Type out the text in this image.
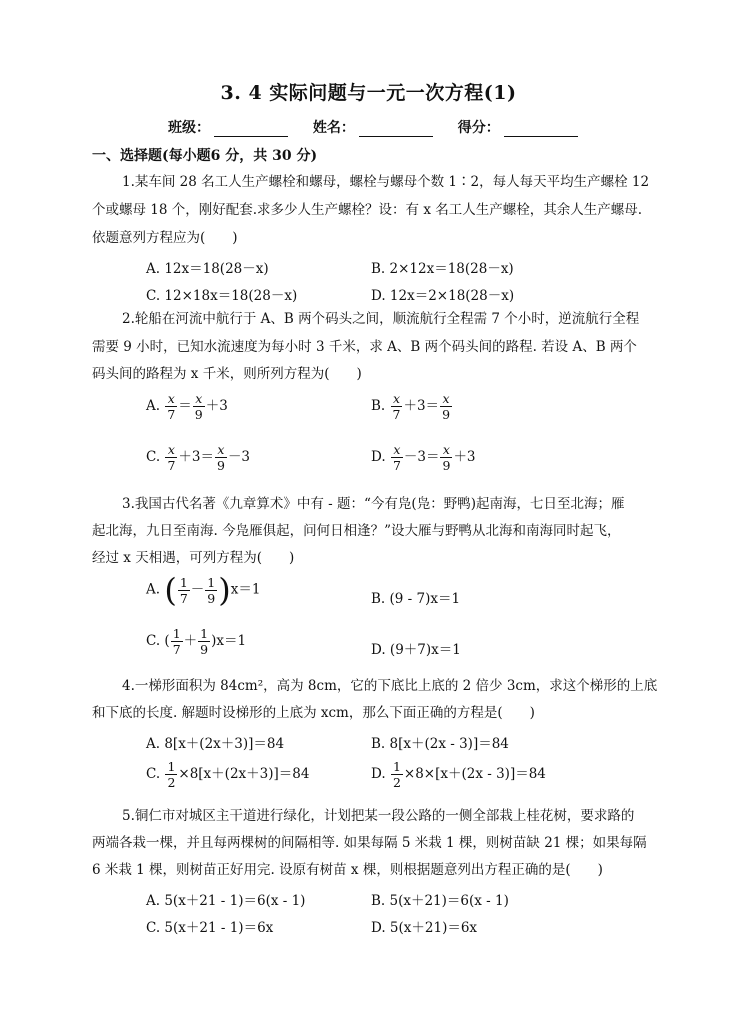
3. 4 实际问题与一元一次方程(1)
班级：	姓名：	得分：
一、选择题(每小题6 分，共 30 分)
1.某车间 28 名工人生产螺栓和螺母，螺栓与螺母个数 1∶2，每人每天平均生产螺栓 12
个或螺母 18 个，刚好配套.求多少人生产螺栓？设：有 x 名工人生产螺栓，其余人生产螺母.
依题意列方程应为(　　)
A. 12x＝18(28－x)	B. 2×12x＝18(28－x)
C. 12×18x＝18(28－x)	D. 12x＝2×18(28－x)
2.轮船在河流中航行于 A、B 两个码头之间，顺流航行全程需 7 个小时，逆流航行全程
需要 9 小时，已知水流速度为每小时 3 千米，求 A、B 两个码头间的路程. 若设 A、B 两个
码头间的路程为 x 千米，则所列方程为(　　)
A. $\frac{x}{7} = \frac{x}{9} +3$	B. $\frac{x}{7} +3= \frac{x}{9}$
C. $\frac{x}{7} +3= \frac{x}{9} -3$	D. $\frac{x}{7} -3= \frac{x}{9} +3$
3.我国古代名著《九章算术》中有 - 题：“今有凫(凫：野鸭)起南海，七日至北海；雁
起北海，九日至南海. 今凫雁俱起，问何日相逢？”设大雁与野鸭从北海和南海同时起飞，
经过 x 天相遇，可列方程为(　　)
A. ( $\frac{1}{7} - \frac{1}{9} )x=1$
B. (9 - 7)x＝1
C. ( $\frac{1}{7} + \frac{1}{9} )x=1$
D. (9＋7)x＝1
4.一梯形面积为 84cm²，高为 8cm，它的下底比上底的 2 倍少 3cm，求这个梯形的上底
和下底的长度. 解题时设梯形的上底为 xcm，那么下面正确的方程是(　　)
A. 8[x＋(2x＋3)]＝84	B. 8[x＋(2x - 3)]＝84
C. $\frac{1}{2} \times 8[x+(2x+3)]=84$	D. $\frac{1}{2} \times 8\times[x+(2x - 3)]=84$
5.铜仁市对城区主干道进行绿化，计划把某一段公路的一侧全部栽上桂花树，要求路的
两端各栽一棵，并且每两棵树的间隔相等. 如果每隔 5 米栽 1 棵，则树苗缺 21 棵；如果每隔
6 米栽 1 棵，则树苗正好用完. 设原有树苗 x 棵，则根据题意列出方程正确的是(　　)
A. 5(x＋21 - 1)＝6(x - 1)	B. 5(x＋21)＝6(x - 1)
C. 5(x＋21 - 1)＝6x	D. 5(x＋21)＝6x
